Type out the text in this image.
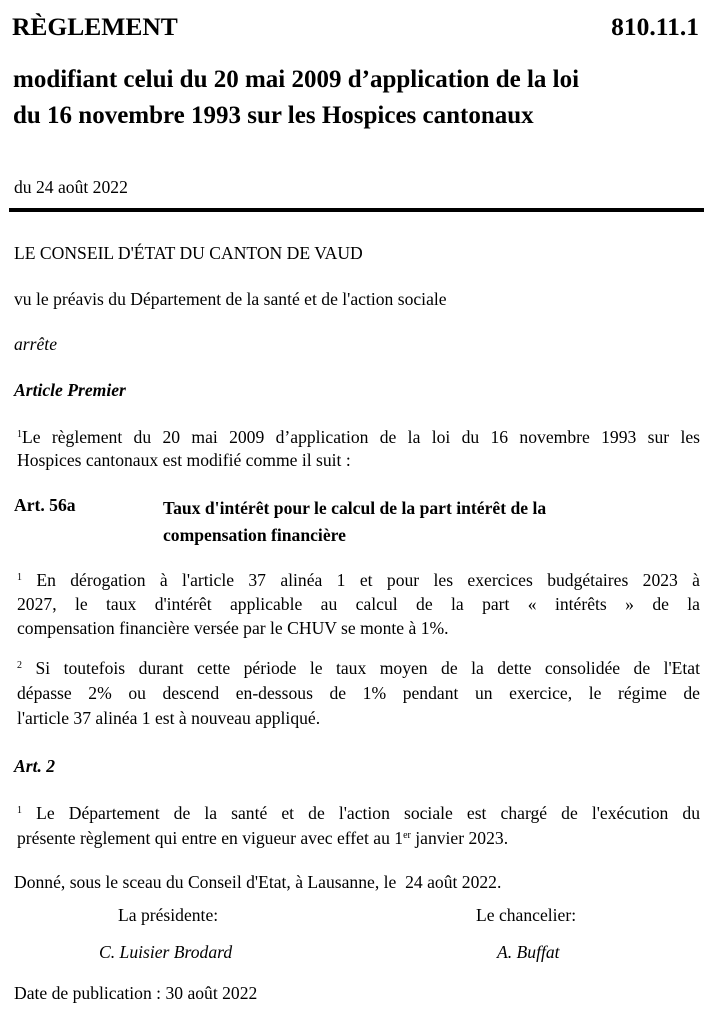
RÈGLEMENT	810.11.1
modifiant celui du 20 mai 2009 d’application de la loi
du 16 novembre 1993 sur les Hospices cantonaux
du 24 août 2022
LE CONSEIL D'ÉTAT DU CANTON DE VAUD
vu le préavis du Département de la santé et de l'action sociale
arrête
Article Premier
$^1$Le règlement du 20 mai 2009 d’application de la loi du 16 novembre 1993 sur les
Hospices cantonaux est modifié comme il suit :
Art. 56a	Taux d'intérêt pour le calcul de la part intérêt de la
compensation financière
$^1$ En dérogation à l'article 37 alinéa 1 et pour les exercices budgétaires 2023 à
2027, le taux d'intérêt applicable au calcul de la part « intérêts » de la
compensation financière versée par le CHUV se monte à 1%.
$^2$ Si toutefois durant cette période le taux moyen de la dette consolidée de l'Etat
dépasse 2% ou descend en-dessous de 1% pendant un exercice, le régime de
l'article 37 alinéa 1 est à nouveau appliqué.
Art. 2
$^1$ Le Département de la santé et de l'action sociale est chargé de l'exécution du
présente règlement qui entre en vigueur avec effet au 1er janvier 2023.
Donné, sous le sceau du Conseil d'Etat, à Lausanne, le  24 août 2022.
La présidente:	Le chancelier:
C. Luisier Brodard	A. Buffat
Date de publication : 30 août 2022
